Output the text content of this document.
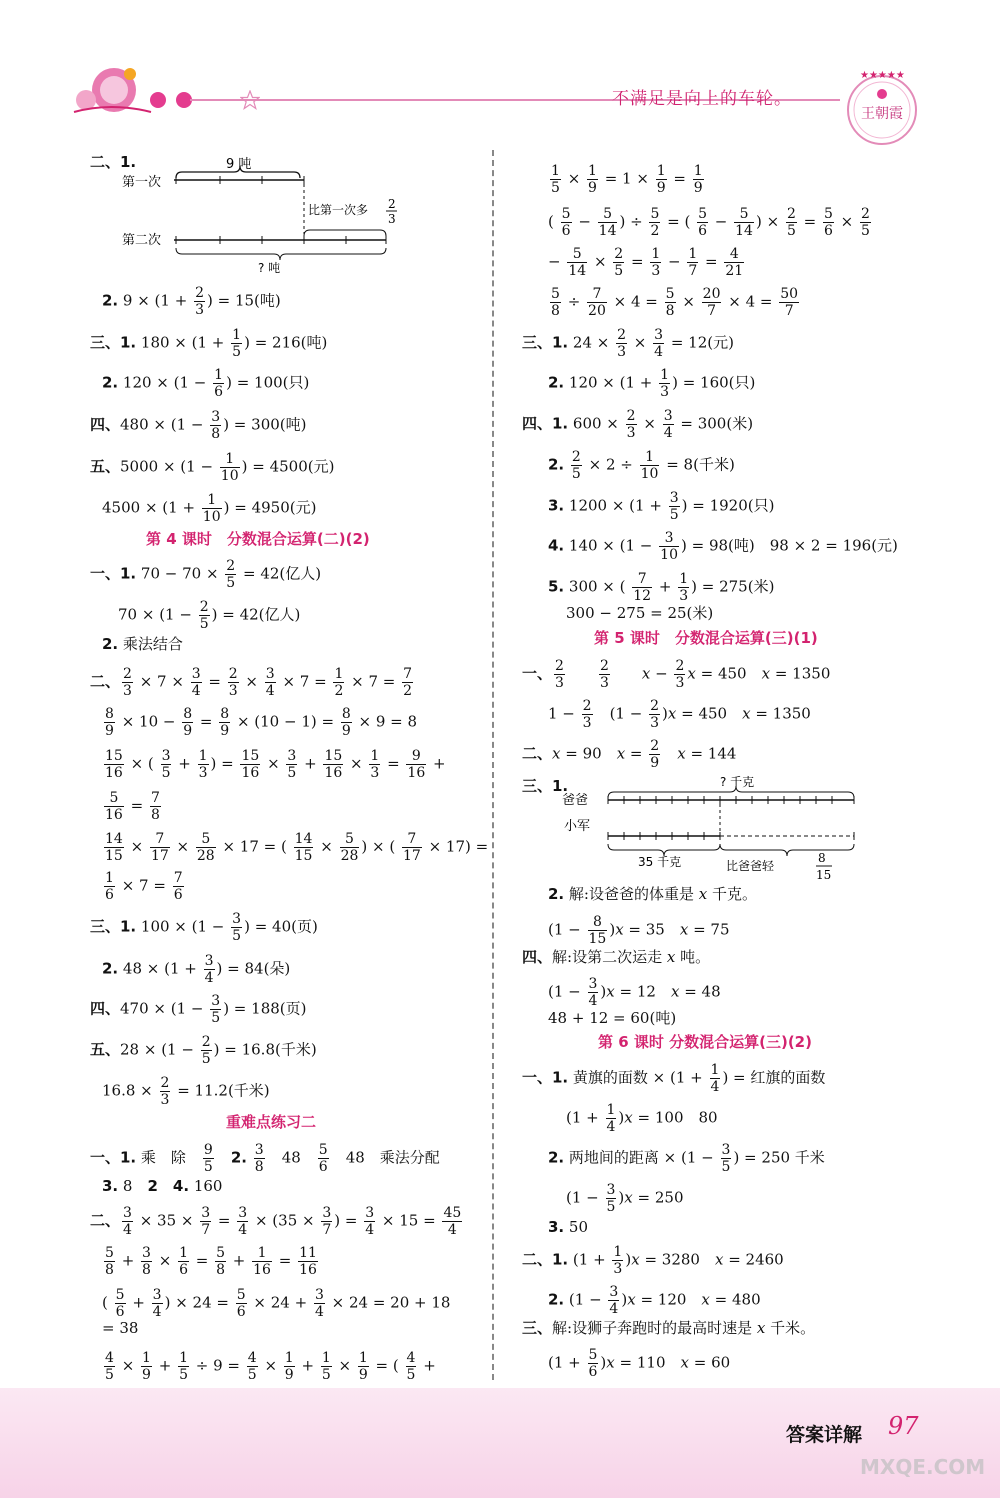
不满足是向上的车轮。
★★★★★
王朝霞
二、1.	9 吨
第一次
比第一次多 2
3
第二次
? 吨
2. $9 \times (1 + \frac{2}{3}$ ) = 15(吨)
三、1. $180 \times (1 + \frac{1}{5}$ ) = 216(吨)
2. $120 \times (1 - \frac{1}{6}$ ) = 100(只)
四、$480 \times (1 - \frac{3}{8}$ ) = 300(吨)
五、$5000 \times (1 - \frac{1}{10}$ ) = 4500(元)
$4500 \times (1 + \frac{1}{10}$ ) = 4950(元)
第 4 课时　分数混合运算(二)(2)
一、1. $70 - 70 \times \frac{2}{5} = 42$(亿人)
$70 \times (1 - \frac{2}{5}$ ) = 42(亿人)
2. 乘法结合
二、 $\frac{2}{3} \times 7 \times \frac{3}{4} = \frac{2}{3} \times \frac{3}{4} \times 7 = \frac{1}{2} \times 7 = \frac{7}{2}$
$\frac{8}{9} \times 10 - \frac{8}{9} = \frac{8}{9} \times (10 - 1) = \frac{8}{9} \times 9 = 8$
$\frac{15}{16}$ × ( $\frac{3}{5} + \frac{1}{3}$ ) = $\frac{15}{16} \times \frac{3}{5} + \frac{15}{16} \times \frac{1}{3} = \frac{9}{16}$ +
$\frac{5}{16} = \frac{7}{8}$
$\frac{14}{15} \times \frac{7}{17} \times \frac{5}{28} \times 17$ = ( $\frac{14}{15} \times \frac{5}{28}$ ) × ( $\frac{7}{17} \times 17$) =
$\frac{1}{6} \times 7 = \frac{7}{6}$
三、1. $100 \times (1 - \frac{3}{5}$ ) = 40(页)
2. $48 \times (1 + \frac{3}{4}$ ) = 84(朵)
四、$470 \times (1 - \frac{3}{5}$ ) = 188(页)
五、$28 \times (1 - \frac{2}{5}$ ) = 16.8(千米)
$16.8 \times \frac{2}{3} = 11.2$(千米)
重难点练习二
一、1. 乘　除　 $\frac{9}{5}$
　 2. $\frac{3}{8}$ 　48　 $\frac{5}{6}$ 　48　乘法分配
3. 8　2　 4. 160
二、 $\frac{3}{4} \times 35 \times \frac{3}{7} = \frac{3}{4} \times (35 \times \frac{3}{7}$ ) = $\frac{3}{4} \times 15 = \frac{45}{4}$
$\frac{5}{8} + \frac{3}{8} \times \frac{1}{6} = \frac{5}{8} + \frac{1}{16} = \frac{11}{16}$
( $\frac{5}{6} + \frac{3}{4}$ ) × $24 = \frac{5}{6} \times 24 + \frac{3}{4} \times 24 = 20 + 18$
= 38
$\frac{4}{5} \times \frac{1}{9} + \frac{1}{5} \div 9 = \frac{4}{5} \times \frac{1}{9} + \frac{1}{5} \times \frac{1}{9}$ = ( $\frac{4}{5}$ +
$\frac{1}{5} \times \frac{1}{9} = 1 \times \frac{1}{9} = \frac{1}{9}$
( $\frac{5}{6} - \frac{5}{14}$ ) ÷ $\frac{5}{2}$ = ( $\frac{5}{6} - \frac{5}{14}$ ) × $\frac{2}{5} = \frac{5}{6} \times \frac{2}{5}$
− $\frac{5}{14} \times \frac{2}{5} = \frac{1}{3} - \frac{1}{7} = \frac{4}{21}$
$\frac{5}{8} \div \frac{7}{20} \times 4 = \frac{5}{8} \times \frac{20}{7} \times 4 = \frac{50}{7}$
三、1. $24 \times \frac{2}{3} \times \frac{3}{4} = 12$(元)
2. $120 \times (1 + \frac{1}{3}$ ) = 160(只)
四、1. $600 \times \frac{2}{3} \times \frac{3}{4} = 300$(米)
2. $\frac{2}{5} \times 2 \div \frac{1}{10} = 8$(千米)
3. $1200 \times (1 + \frac{3}{5}$ ) = 1920(只)
4. $140 \times (1 - \frac{3}{10}$ ) = 98(吨)　98 × 2 = 196(元)
5. 300 × ( $\frac{7}{12} + \frac{1}{3}$ ) = 275(米)
300 − 275 = 25(米)
第 5 课时　分数混合运算(三)(1)
一、 $\frac{2}{3}$
　　 $\frac{2}{3}$
　　 $x - \frac{2}{3}$ x = 450　x = 1350
$1 - \frac{2}{3}$ 　$(1 - \frac{2}{3} )x = 450$　x = 1350
二、x = 90　$x = \frac{2}{9}$
　 x = 144
三、1.	? 千克
爸爸
小军
35 千克	比爸爸轻
8
15
2. 解:设爸爸的体重是 x 千克。
$(1 - \frac{8}{15} )x = 35$　x = 75
四、解:设第二次运走 x 吨。
$(1 - \frac{3}{4} )x = 12$　x = 48
48 + 12 = 60(吨)
第 6 课时 分数混合运算(三)(2)
一、1. 黄旗的面数 × ($1 + \frac{1}{4}$ ) = 红旗的面数
$(1 + \frac{1}{4} )x = 100$　80
2. 两地间的距离 × ($1 - \frac{3}{5}$ ) = 250 千米
$(1 - \frac{3}{5} )x = 250$
3. 50
二、1. $(1 + \frac{1}{3} )x = 3280$　x = 2460
2. $(1 - \frac{3}{4} )x = 120$　x = 480
三、解:设狮子奔跑时的最高时速是 x 千米。
$(1 + \frac{5}{6} )x = 110$　x = 60
答案详解 97
MXQE.COM
